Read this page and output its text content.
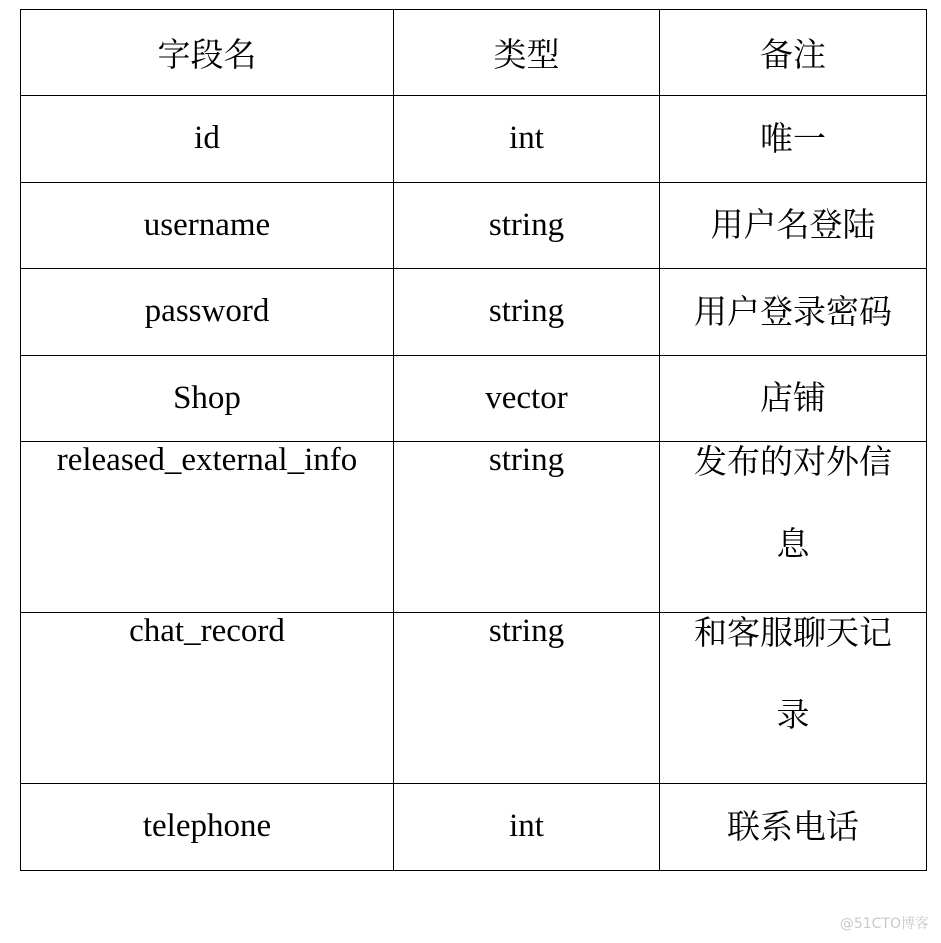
字段名	类型	备注
id	int	唯一

username	string	用户名登陆

password	string	用户登录密码

Shop	vector	店铺

released_external_info	string	发布的对外信
息

chat_record	string	和客服聊天记
录

telephone	int	联系电话
@51CTO博客
